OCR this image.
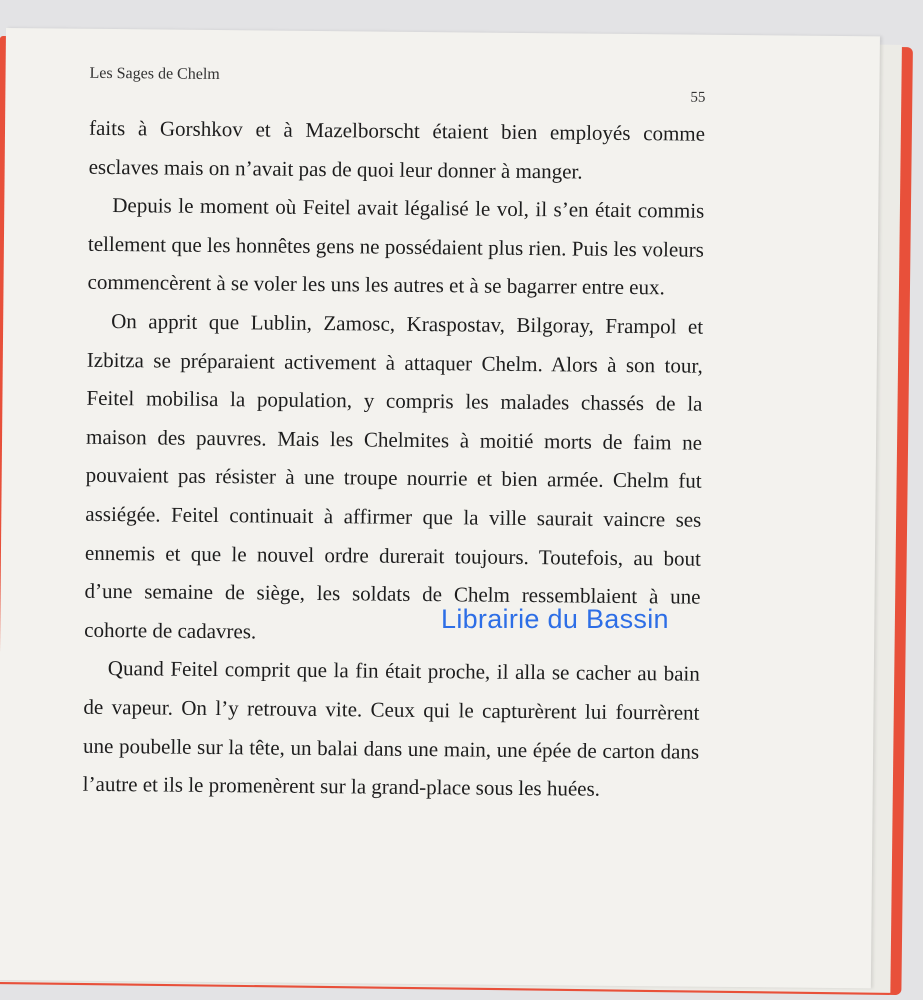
Les Sages de Chelm
55

faits à Gorshkov et à Mazelborscht étaient bien employés comme esclaves mais on n’avait pas de quoi leur donner à manger.

Depuis le moment où Feitel avait légalisé le vol, il s’en était commis tellement que les honnêtes gens ne possédaient plus rien. Puis les voleurs commencèrent à se voler les uns les autres et à se bagarrer entre eux.

On apprit que Lublin, Zamosc, Kraspostav, Bilgoray, Frampol et Izbitza se préparaient activement à attaquer Chelm. Alors à son tour, Feitel mobilisa la population, y compris les malades chassés de la maison des pauvres. Mais les Chelmites à moitié morts de faim ne pouvaient pas résister à une troupe nourrie et bien armée. Chelm fut assiégée. Feitel continuait à affirmer que la ville saurait vaincre ses ennemis et que le nouvel ordre durerait toujours. Toutefois, au bout d’une semaine de siège, les soldats de Chelm ressemblaient à une cohorte de cadavres.

Quand Feitel comprit que la fin était proche, il alla se cacher au bain de vapeur. On l’y retrouva vite. Ceux qui le capturèrent lui fourrèrent une poubelle sur la tête, un balai dans une main, une épée de carton dans l’autre et ils le promenèrent sur la grand-place sous les huées.

Librairie du Bassin
